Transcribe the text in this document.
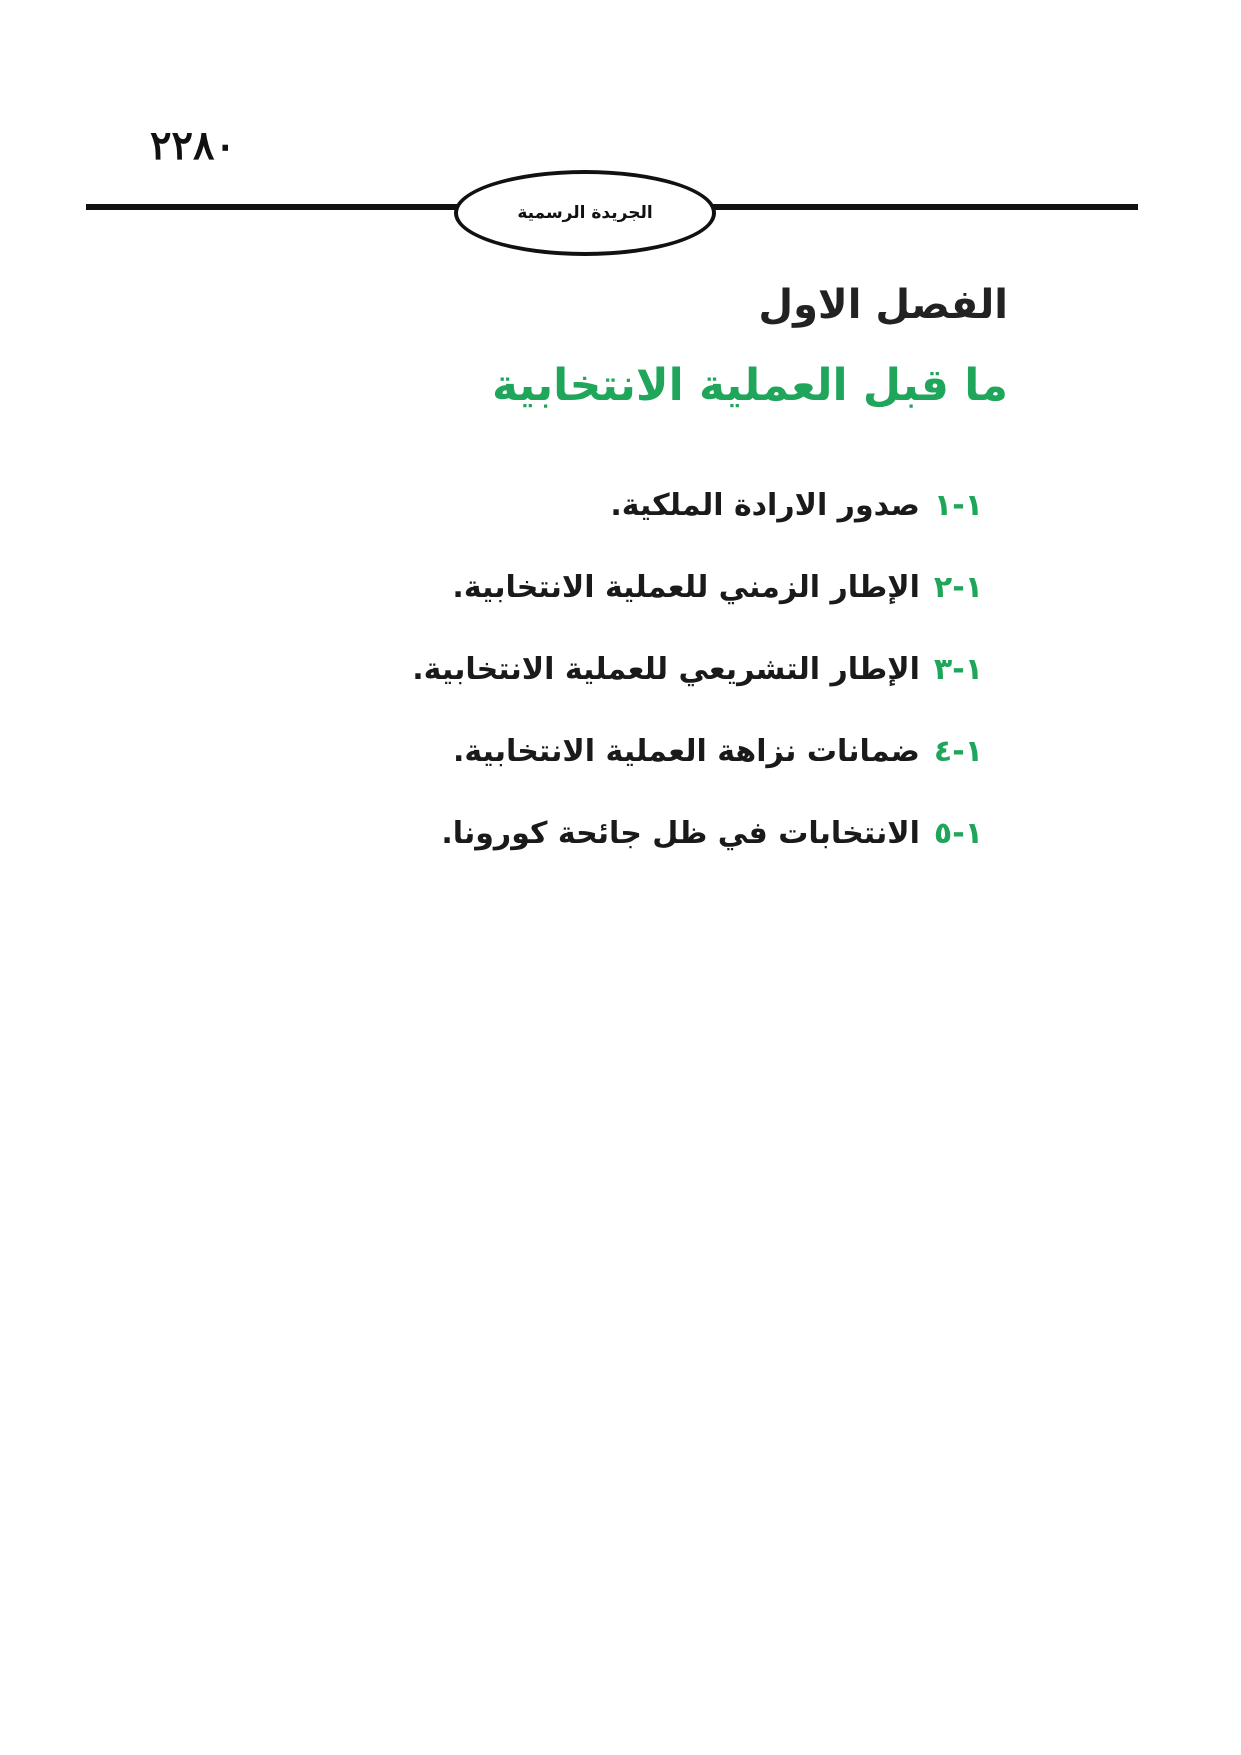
٢٢٨٠
الجريدة الرسمية
الفصل الاول
ما قبل العملية الانتخابية
١-١
صدور الارادة الملكية.
١-٢
الإطار الزمني للعملية الانتخابية.
١-٣
الإطار التشريعي للعملية الانتخابية.
١-٤
ضمانات نزاهة العملية الانتخابية.
١-٥
الانتخابات في ظل جائحة كورونا.
